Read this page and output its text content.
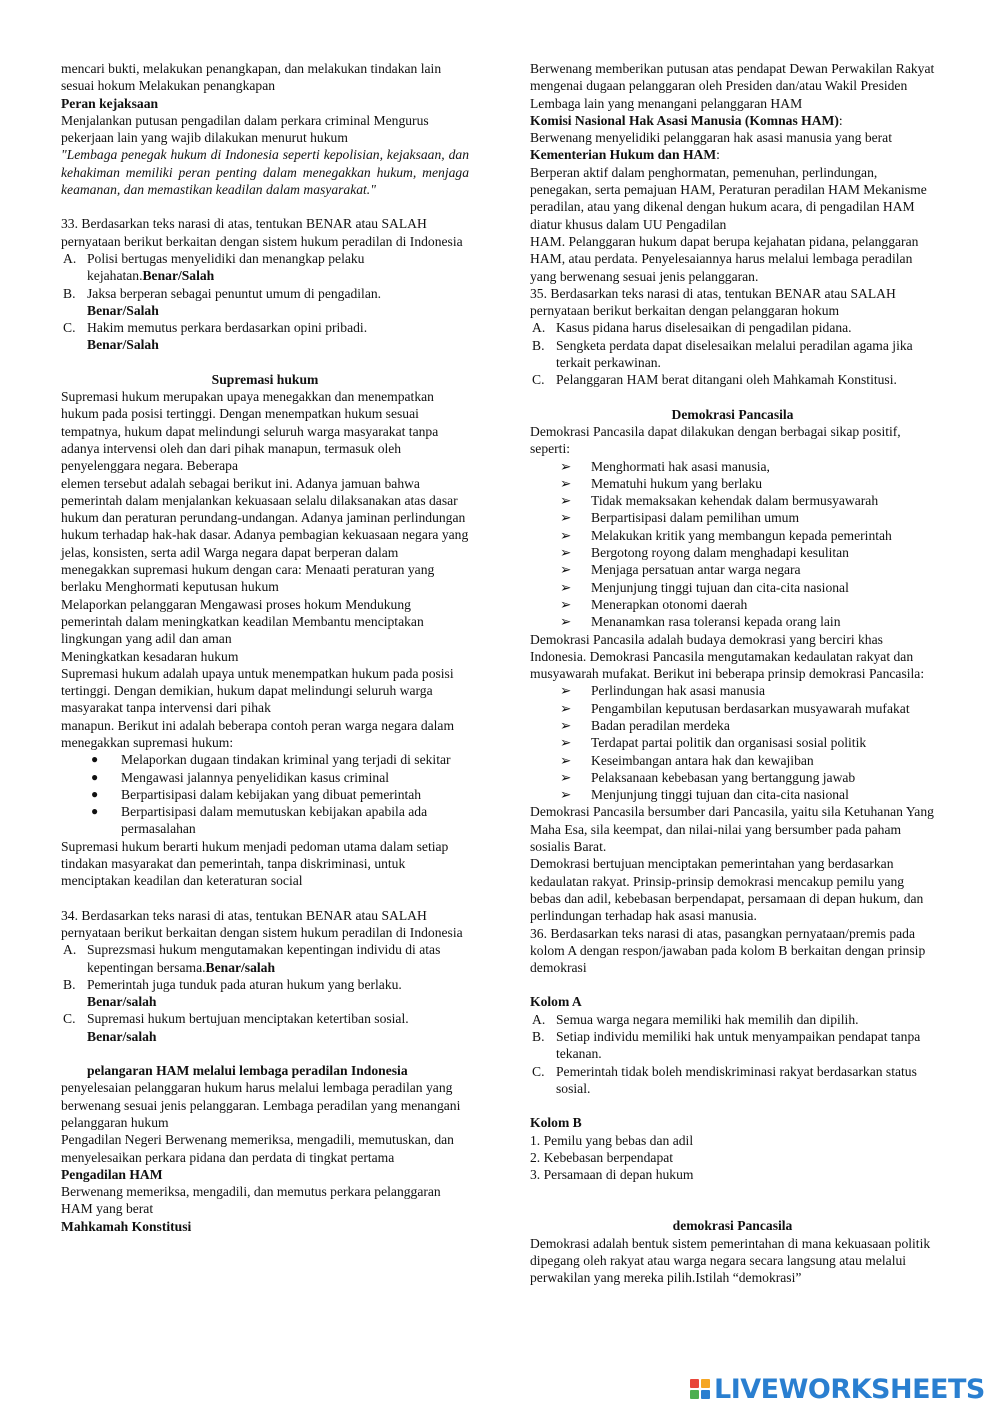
mencari bukti, melakukan penangkapan, dan melakukan tindakan lain sesuai hokum Melakukan penangkapan

Peran kejaksaan

Menjalankan putusan pengadilan dalam perkara criminal Mengurus pekerjaan lain yang wajib dilakukan menurut hukum

"Lembaga penegak hukum di Indonesia seperti kepolisian, kejaksaan, dan kehakiman memiliki peran penting dalam menegakkan hukum, menjaga keamanan, dan memastikan keadilan dalam masyarakat."

33. Berdasarkan teks narasi di atas, tentukan BENAR atau SALAH pernyataan berikut berkaitan dengan sistem hukum peradilan di Indonesia

A. Polisi bertugas menyelidiki dan menangkap pelaku kejahatan.Benar/Salah
B. Jaksa berperan sebagai penuntut umum di pengadilan.
Benar/Salah
C. Hakim memutus perkara berdasarkan opini pribadi.
Benar/Salah

Supremasi hukum

Supremasi hukum merupakan upaya menegakkan dan menempatkan hukum pada posisi tertinggi. Dengan menempatkan hukum sesuai tempatnya, hukum dapat melindungi seluruh warga masyarakat tanpa adanya intervensi oleh dan dari pihak manapun, termasuk oleh penyelenggara negara. Beberapa

elemen tersebut adalah sebagai berikut ini. Adanya jamuan bahwa pemerintah dalam menjalankan kekuasaan selalu dilaksanakan atas dasar hukum dan peraturan perundang-undangan. Adanya jaminan perlindungan hukum terhadap hak-hak dasar. Adanya pembagian kekuasaan negara yang jelas, konsisten, serta adil Warga negara dapat berperan dalam menegakkan supremasi hukum dengan cara: Menaati peraturan yang berlaku Menghormati keputusan hukum

Melaporkan pelanggaran Mengawasi proses hokum Mendukung pemerintah dalam meningkatkan keadilan Membantu menciptakan lingkungan yang adil dan aman

Meningkatkan kesadaran hukum

Supremasi hukum adalah upaya untuk menempatkan hukum pada posisi tertinggi. Dengan demikian, hukum dapat melindungi seluruh warga masyarakat tanpa intervensi dari pihak

manapun. Berikut ini adalah beberapa contoh peran warga negara dalam menegakkan supremasi hukum:

● Melaporkan dugaan tindakan kriminal yang terjadi di sekitar
● Mengawasi jalannya penyelidikan kasus criminal
● Berpartisipasi dalam kebijakan yang dibuat pemerintah
● Berpartisipasi dalam memutuskan kebijakan apabila ada permasalahan

Supremasi hukum berarti hukum menjadi pedoman utama dalam setiap tindakan masyarakat dan pemerintah, tanpa diskriminasi, untuk menciptakan keadilan dan keteraturan social

34. Berdasarkan teks narasi di atas, tentukan BENAR atau SALAH pernyataan berikut berkaitan dengan sistem hukum peradilan di Indonesia

A. Suprezsmasi hukum mengutamakan kepentingan individu di atas kepentingan bersama.Benar/salah
B. Pemerintah juga tunduk pada aturan hukum yang berlaku.
Benar/salah
C. Supremasi hukum bertujuan menciptakan ketertiban sosial.
Benar/salah

pelangaran HAM melalui lembaga peradilan Indonesia

penyelesaian pelanggaran hukum harus melalui lembaga peradilan yang berwenang sesuai jenis pelanggaran. Lembaga peradilan yang menangani pelanggaran hukum

Pengadilan Negeri Berwenang memeriksa, mengadili, memutuskan, dan menyelesaikan perkara pidana dan perdata di tingkat pertama

Pengadilan HAM

Berwenang memeriksa, mengadili, dan memutus perkara pelanggaran HAM yang berat

Mahkamah Konstitusi

Berwenang memberikan putusan atas pendapat Dewan Perwakilan Rakyat mengenai dugaan pelanggaran oleh Presiden dan/atau Wakil Presiden Lembaga lain yang menangani pelanggaran HAM

Komisi Nasional Hak Asasi Manusia (Komnas HAM):

Berwenang menyelidiki pelanggaran hak asasi manusia yang berat

Kementerian Hukum dan HAM:

Berperan aktif dalam penghormatan, pemenuhan, perlindungan, penegakan, serta pemajuan HAM, Peraturan peradilan HAM Mekanisme peradilan, atau yang dikenal dengan hukum acara, di pengadilan HAM diatur khusus dalam UU Pengadilan

HAM. Pelanggaran hukum dapat berupa kejahatan pidana, pelanggaran HAM, atau perdata. Penyelesaiannya harus melalui lembaga peradilan yang berwenang sesuai jenis pelanggaran.

35. Berdasarkan teks narasi di atas, tentukan BENAR atau SALAH pernyataan berikut berkaitan dengan pelanggaran hokum

A. Kasus pidana harus diselesaikan di pengadilan pidana.
B. Sengketa perdata dapat diselesaikan melalui peradilan agama jika terkait perkawinan.
C. Pelanggaran HAM berat ditangani oleh Mahkamah Konstitusi.

Demokrasi Pancasila

Demokrasi Pancasila dapat dilakukan dengan berbagai sikap positif, seperti:

➢ Menghormati hak asasi manusia,
➢ Mematuhi hukum yang berlaku
➢ Tidak memaksakan kehendak dalam bermusyawarah
➢ Berpartisipasi dalam pemilihan umum
➢ Melakukan kritik yang membangun kepada pemerintah
➢ Bergotong royong dalam menghadapi kesulitan
➢ Menjaga persatuan antar warga negara
➢ Menjunjung tinggi tujuan dan cita-cita nasional
➢ Menerapkan otonomi daerah
➢ Menanamkan rasa toleransi kepada orang lain

Demokrasi Pancasila adalah budaya demokrasi yang berciri khas Indonesia. Demokrasi Pancasila mengutamakan kedaulatan rakyat dan musyawarah mufakat. Berikut ini beberapa prinsip demokrasi Pancasila:

➢ Perlindungan hak asasi manusia
➢ Pengambilan keputusan berdasarkan musyawarah mufakat
➢ Badan peradilan merdeka
➢ Terdapat partai politik dan organisasi sosial politik
➢ Keseimbangan antara hak dan kewajiban
➢ Pelaksanaan kebebasan yang bertanggung jawab
➢ Menjunjung tinggi tujuan dan cita-cita nasional

Demokrasi Pancasila bersumber dari Pancasila, yaitu sila Ketuhanan Yang Maha Esa, sila keempat, dan nilai-nilai yang bersumber pada paham sosialis Barat.

Demokrasi bertujuan menciptakan pemerintahan yang berdasarkan kedaulatan rakyat. Prinsip-prinsip demokrasi mencakup pemilu yang bebas dan adil, kebebasan berpendapat, persamaan di depan hukum, dan perlindungan terhadap hak asasi manusia.

36. Berdasarkan teks narasi di atas, pasangkan pernyataan/premis pada kolom A dengan respon/jawaban pada kolom B berkaitan dengan prinsip demokrasi

Kolom A

A. Semua warga negara memiliki hak memilih dan dipilih.
B. Setiap individu memiliki hak untuk menyampaikan pendapat tanpa tekanan.
C. Pemerintah tidak boleh mendiskriminasi rakyat berdasarkan status sosial.

Kolom B

1. Pemilu yang bebas dan adil

2. Kebebasan berpendapat

3. Persamaan di depan hukum

demokrasi Pancasila

Demokrasi adalah bentuk sistem pemerintahan di mana kekuasaan politik dipegang oleh rakyat atau warga negara secara langsung atau melalui perwakilan yang mereka pilih.Istilah “demokrasi”

LIVEWORKSHEETS
